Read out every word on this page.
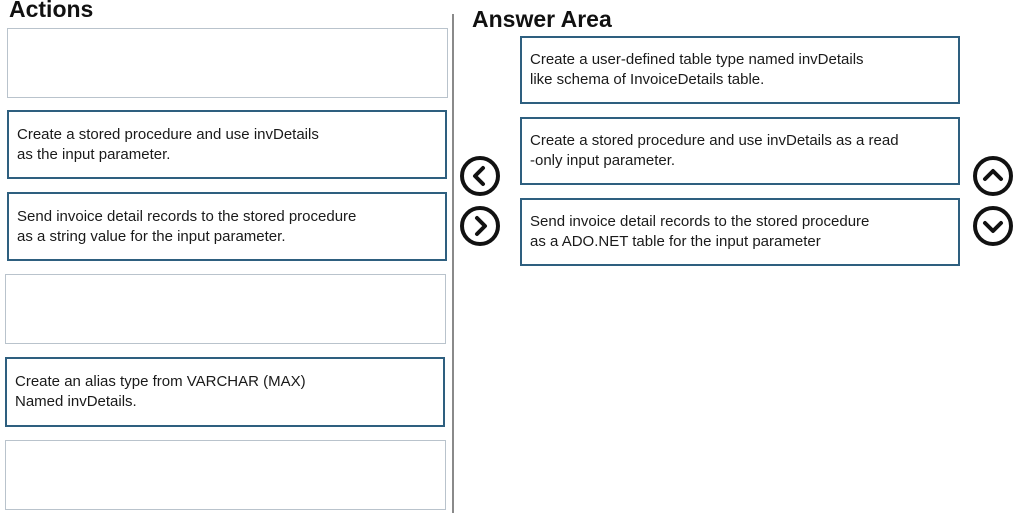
Actions	Answer Area
Create a stored procedure and use invDetails
as the input parameter.
Send invoice detail records to the stored procedure
as a string value for the input parameter.
Create an alias type from VARCHAR (MAX)
Named invDetails.
Create a user-defined table type named invDetails
like schema of InvoiceDetails table.
Create a stored procedure and use invDetails as a read
-only input parameter.
Send invoice detail records to the stored procedure
as a ADO.NET table for the input parameter
